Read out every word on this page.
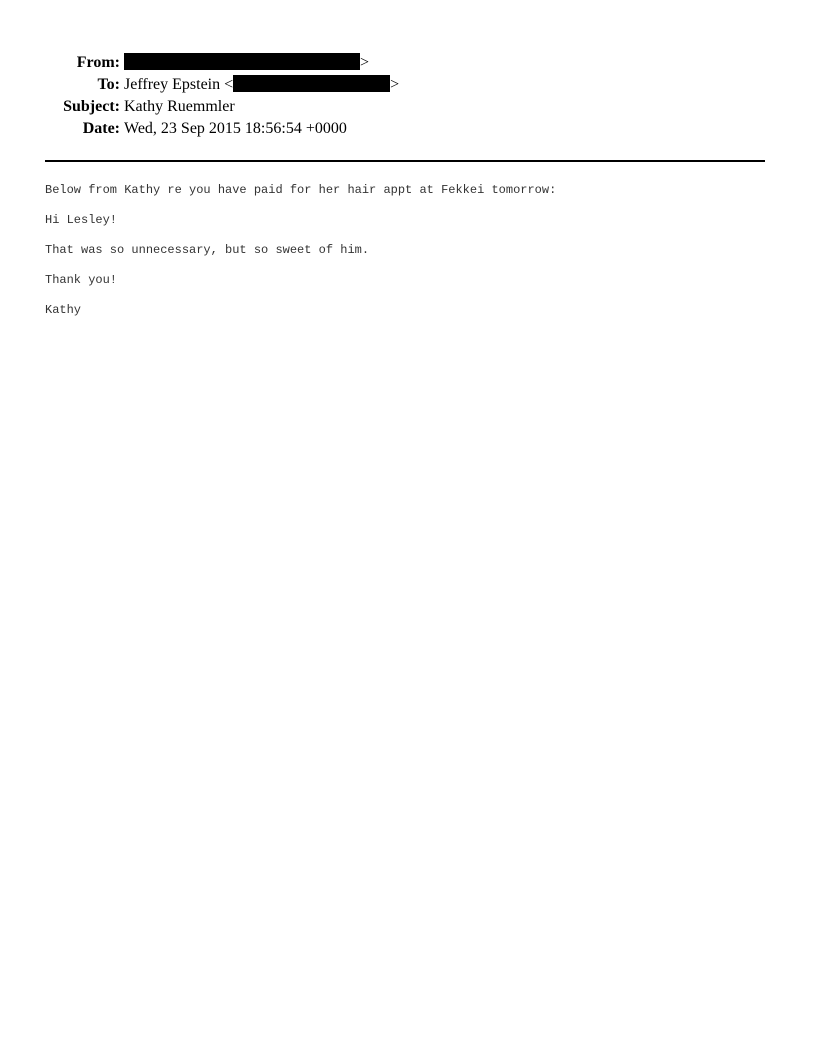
From:	>
To: Jeffrey Epstein <	>
Subject: Kathy Ruemmler
Date: Wed, 23 Sep 2015 18:56:54 +0000
Below from Kathy re you have paid for her hair appt at Fekkei tomorrow:
Hi Lesley!
That was so unnecessary, but so sweet of him.
Thank you!
Kathy
